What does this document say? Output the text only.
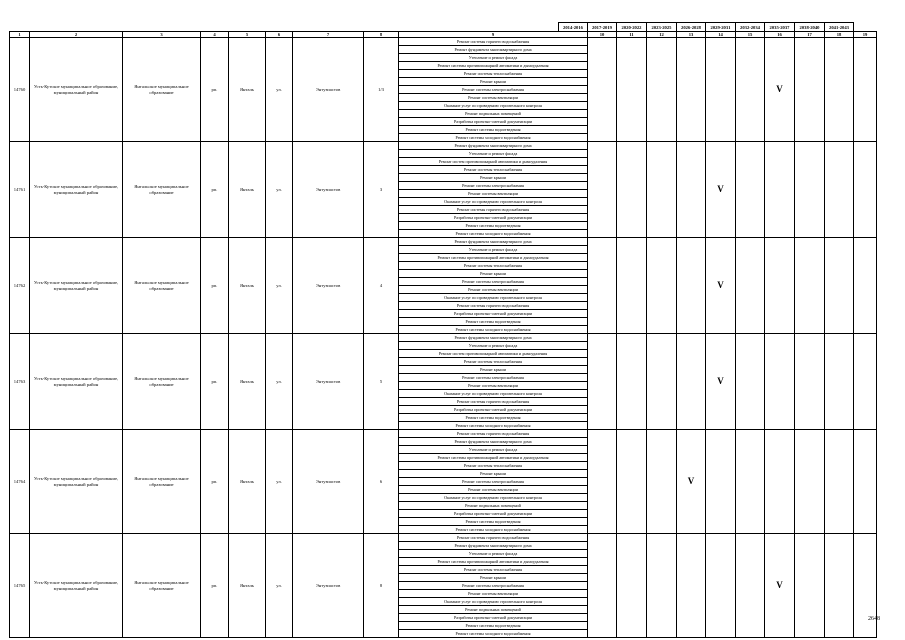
									2014-2016	2017-2019	2020-2022	2023-2025	2026-2028	2029-2031	2032-2034	2035-2037	2038-2040	2041-2043	
1	2	3	4	5	6	7	8	9		10	11	12	13	14	15	16	17	18	19
14760	Усть-Кутское муниципальное образование, муниципальный район	Янтальское муниципальное образование	рп.	Янталь	ул.	Энтузиастов	1/3	Ремонт системы горячего водоснабжения								V			
								Ремонт фундамента многоквартирного дома											
								Утепление и ремонт фасада											
								Ремонт системы противопожарной автоматики и дымоудаления											
								Ремонт системы теплоснабжения											
								Ремонт крыши											
								Ремонт системы электроснабжения											
								Ремонт системы вентиляции											
								Оказание услуг по проведению строительного контроля											
								Ремонт подвальных помещений											
								Разработка проектно-сметной документации											
								Ремонт системы водоотведения											
								Ремонт системы холодного водоснабжения											
14761	Усть-Кутское муниципальное образование, муниципальный район	Янтальское муниципальное образование	рп.	Янталь	ул.	Энтузиастов	3	Ремонт фундамента многоквартирного дома						V					
								Утепление и ремонт фасада											
								Ремонт систем противопожарной автоматики и дымоудаления											
								Ремонт системы теплоснабжения											
								Ремонт крыши											
								Ремонт системы электроснабжения											
								Ремонт системы вентиляции											
								Оказание услуг по проведению строительного контроля											
								Ремонт системы горячего водоснабжения											
								Разработка проектно-сметной документации											
								Ремонт системы водоотведения											
								Ремонт системы холодного водоснабжения											
14762	Усть-Кутское муниципальное образование, муниципальный район	Янтальское муниципальное образование	рп.	Янталь	ул.	Энтузиастов	4	Ремонт фундамента многоквартирного дома						V					
								Утепление и ремонт фасада											
								Ремонт системы противопожарной автоматики и дымоудаления											
								Ремонт системы теплоснабжения											
								Ремонт крыши											
								Ремонт системы электроснабжения											
								Ремонт системы вентиляции											
								Оказание услуг по проведению строительного контроля											
								Ремонт системы горячего водоснабжения											
								Разработка проектно-сметной документации											
								Ремонт системы водоотведения											
								Ремонт системы холодного водоснабжения											
14763	Усть-Кутское муниципальное образование, муниципальный район	Янтальское муниципальное образование	рп.	Янталь	ул.	Энтузиастов	5	Ремонт фундамента многоквартирного дома						V					
								Утепление и ремонт фасада											
								Ремонт систем противопожарной автоматики и дымоудаления											
								Ремонт системы теплоснабжения											
								Ремонт крыши											
								Ремонт системы электроснабжения											
								Ремонт системы вентиляции											
								Оказание услуг по проведению строительного контроля											
								Ремонт системы горячего водоснабжения											
								Разработка проектно-сметной документации											
								Ремонт системы водоотведения											
								Ремонт системы холодного водоснабжения											
14764	Усть-Кутское муниципальное образование, муниципальный район	Янтальское муниципальное образование	рп.	Янталь	ул.	Энтузиастов	6	Ремонт системы горячего водоснабжения					V						
								Ремонт фундамента многоквартирного дома											
								Утепление и ремонт фасада											
								Ремонт системы противопожарной автоматики и дымоудаления											
								Ремонт системы теплоснабжения											
								Ремонт крыши											
								Ремонт системы электроснабжения											
								Ремонт системы вентиляции											
								Оказание услуг по проведению строительного контроля											
								Ремонт подвальных помещений											
								Разработка проектно-сметной документации											
								Ремонт системы водоотведения											
								Ремонт системы холодного водоснабжения											
14765	Усть-Кутское муниципальное образование, муниципальный район	Янтальское муниципальное образование	рп.	Янталь	ул.	Энтузиастов	8	Ремонт системы горячего водоснабжения								V			
								Ремонт фундамента многоквартирного дома											
								Утепление и ремонт фасада											
								Ремонт системы противопожарной автоматики и дымоудаления											
								Ремонт системы теплоснабжения											
								Ремонт крыши											
								Ремонт системы электроснабжения											
								Ремонт системы вентиляции											
								Оказание услуг по проведению строительного контроля											
								Ремонт подвальных помещений											
								Разработка проектно-сметной документации											
								Ремонт системы водоотведения											
								Ремонт системы холодного водоснабжения											
2648
